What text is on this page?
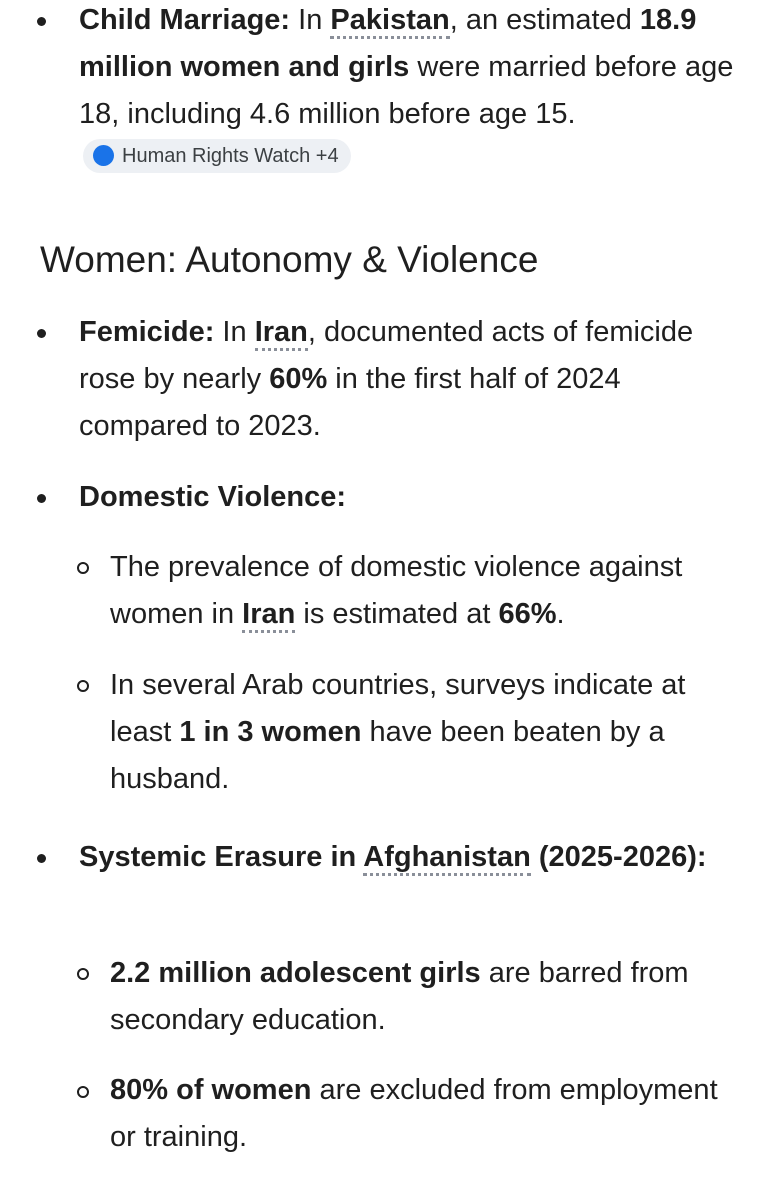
Child Marriage: In Pakistan, an estimated 18.9 million women and girls were married before age 18, including 4.6 million before age 15.
Human Rights Watch +4
Women: Autonomy & Violence
Femicide: In Iran, documented acts of femicide rose by nearly 60% in the first half of 2024 compared to 2023.
Domestic Violence:
The prevalence of domestic violence against women in Iran is estimated at 66%.
In several Arab countries, surveys indicate at least 1 in 3 women have been beaten by a husband.
Systemic Erasure in Afghanistan (2025-2026):
2.2 million adolescent girls are barred from secondary education.
80% of women are excluded from employment or training.
